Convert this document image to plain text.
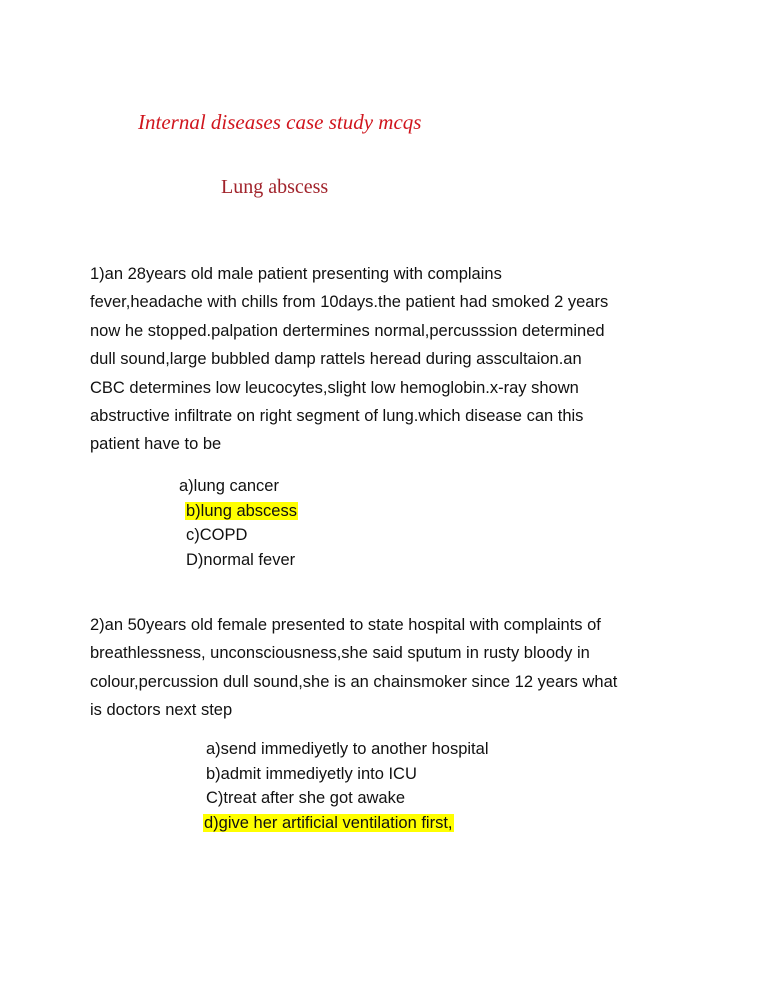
Internal diseases case study mcqs
Lung abscess
1)an 28years old male patient presenting with complains
fever,headache with chills from 10days.the patient had smoked 2 years
now he stopped.palpation dertermines normal,percusssion determined
dull sound,large bubbled damp rattels heread during asscultaion.an
CBC determines low leucocytes,slight low hemoglobin.x-ray shown
abstructive infiltrate on right segment of lung.which disease can this
patient have to be
a)lung cancer
b)lung abscess
c)COPD
D)normal fever
2)an 50years old female presented to state hospital with complaints of
breathlessness, unconsciousness,she said sputum in rusty bloody in
colour,percussion dull sound,she is an chainsmoker since 12 years what
is doctors next step
a)send immediyetly to another hospital
b)admit immediyetly into ICU
C)treat after she got awake
d)give her artificial ventilation first,
